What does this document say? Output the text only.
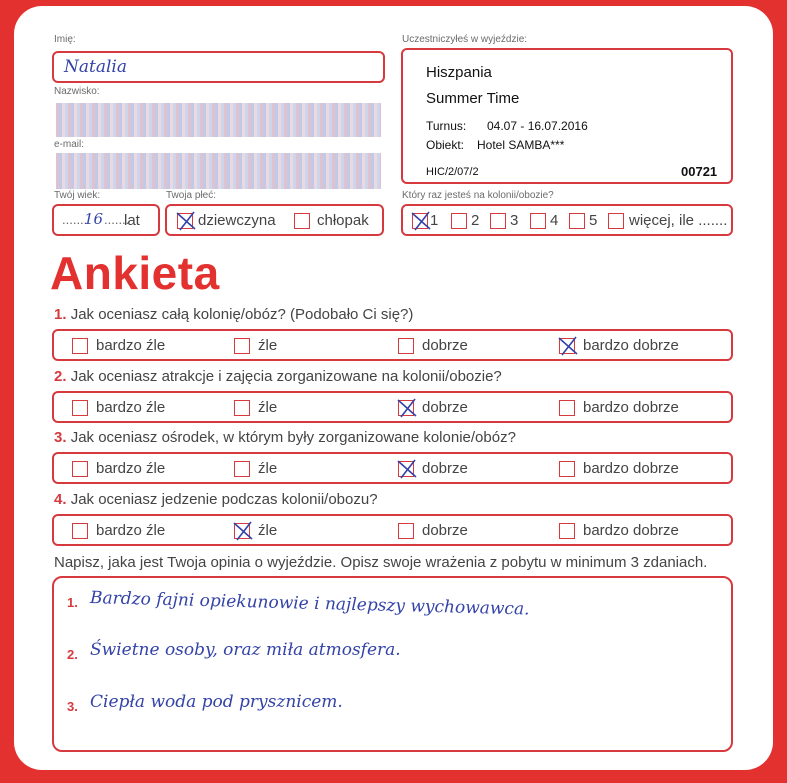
Imię:
Natalia
Nazwisko:
e-mail:
Twój wiek:
.......
16 .......
lat
Twoja płeć:
dziewczyna	chłopak
Uczestniczyłeś w wyjeździe:
Hiszpania
Summer Time
Turnus: 04.07 - 16.07.2016
Obiekt: Hotel SAMBA***
HIC/2/07/2	00721
Który raz jesteś na kolonii/obozie?
1 2 3 4 5 więcej, ile .......
Ankieta
1. Jak oceniasz całą kolonię/obóz? (Podobało Ci się?)
bardzo źle	źle	dobrze	bardzo dobrze
2. Jak oceniasz atrakcje i zajęcia zorganizowane na kolonii/obozie?
bardzo źle	źle	dobrze	bardzo dobrze
3. Jak oceniasz ośrodek, w którym były zorganizowane kolonie/obóz?
bardzo źle	źle	dobrze	bardzo dobrze
4. Jak oceniasz jedzenie podczas kolonii/obozu?
bardzo źle	źle	dobrze	bardzo dobrze
Napisz, jaka jest Twoja opinia o wyjeździe. Opisz swoje wrażenia z pobytu w minimum 3 zdaniach.
1. Bardzo fajni opiekunowie i najlepszy wychowawca.
2. Świetne osoby, oraz miła atmosfera.
3. Ciepła woda pod prysznicem.
